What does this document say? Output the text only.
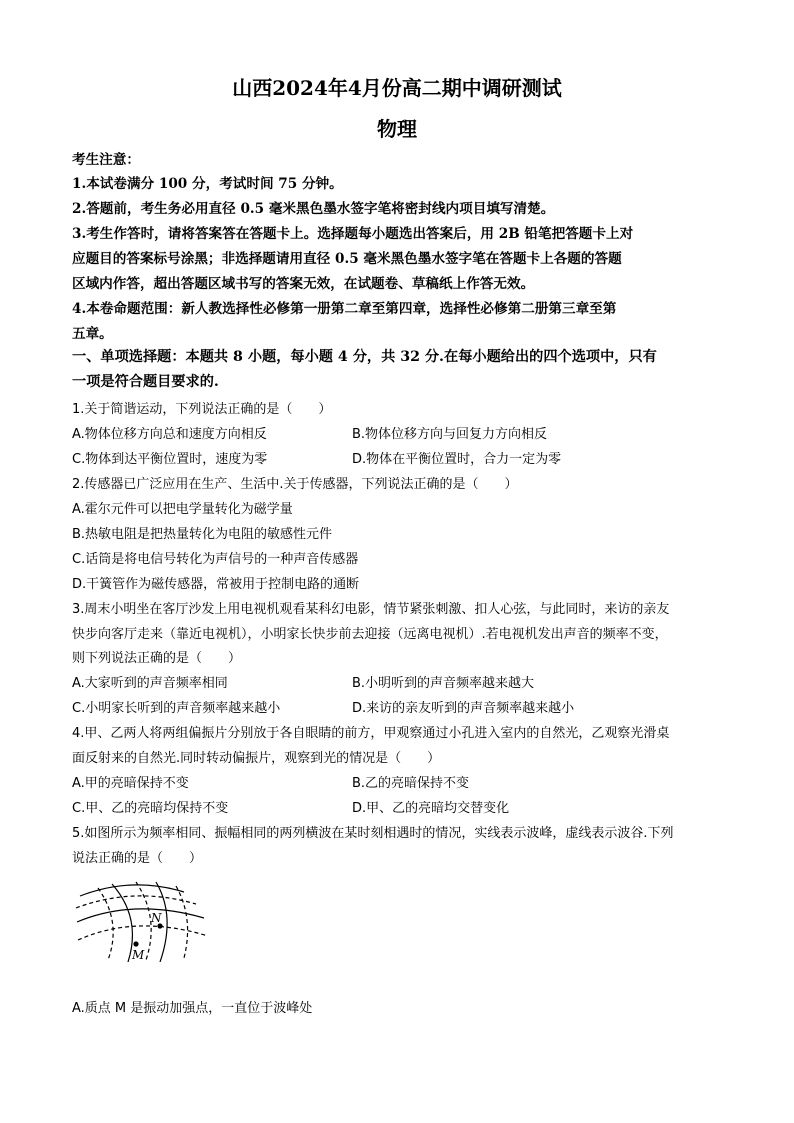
山西2024年4月份高二期中调研测试
物理
考生注意：
1.本试卷满分 100 分，考试时间 75 分钟。
2.答题前，考生务必用直径 0.5 毫米黑色墨水签字笔将密封线内项目填写清楚。
3.考生作答时，请将答案答在答题卡上。选择题每小题选出答案后，用 2B 铅笔把答题卡上对
应题目的答案标号涂黑；非选择题请用直径 0.5 毫米黑色墨水签字笔在答题卡上各题的答题
区域内作答，超出答题区域书写的答案无效，在试题卷、草稿纸上作答无效。
4.本卷命题范围：新人教选择性必修第一册第二章至第四章，选择性必修第二册第三章至第
五章。
一、单项选择题：本题共 8 小题，每小题 4 分，共 32 分.在每小题给出的四个选项中，只有
一项是符合题目要求的.
1.关于简谐运动，下列说法正确的是（　　）
A.物体位移方向总和速度方向相反	B.物体位移方向与回复力方向相反
C.物体到达平衡位置时，速度为零	D.物体在平衡位置时，合力一定为零
2.传感器已广泛应用在生产、生活中.关于传感器，下列说法正确的是（　　）
A.霍尔元件可以把电学量转化为磁学量
B.热敏电阻是把热量转化为电阻的敏感性元件
C.话筒是将电信号转化为声信号的一种声音传感器
D.干簧管作为磁传感器，常被用于控制电路的通断
3.周末小明坐在客厅沙发上用电视机观看某科幻电影，情节紧张刺激、扣人心弦，与此同时，来访的亲友
快步向客厅走来（靠近电视机），小明家长快步前去迎接（远离电视机）.若电视机发出声音的频率不变，
则下列说法正确的是（　　）
A.大家听到的声音频率相同	B.小明听到的声音频率越来越大
C.小明家长听到的声音频率越来越小	D.来访的亲友听到的声音频率越来越小
4.甲、乙两人将两组偏振片分别放于各自眼睛的前方，甲观察通过小孔进入室内的自然光，乙观察光滑桌
面反射来的自然光.同时转动偏振片，观察到光的情况是（　　）
A.甲的亮暗保持不变	B.乙的亮暗保持不变
C.甲、乙的亮暗均保持不变	D.甲、乙的亮暗均交替变化
5.如图所示为频率相同、振幅相同的两列横波在某时刻相遇时的情况，实线表示波峰，虚线表示波谷.下列
说法正确的是（　　）
N
M
A.质点 M 是振动加强点，一直位于波峰处
